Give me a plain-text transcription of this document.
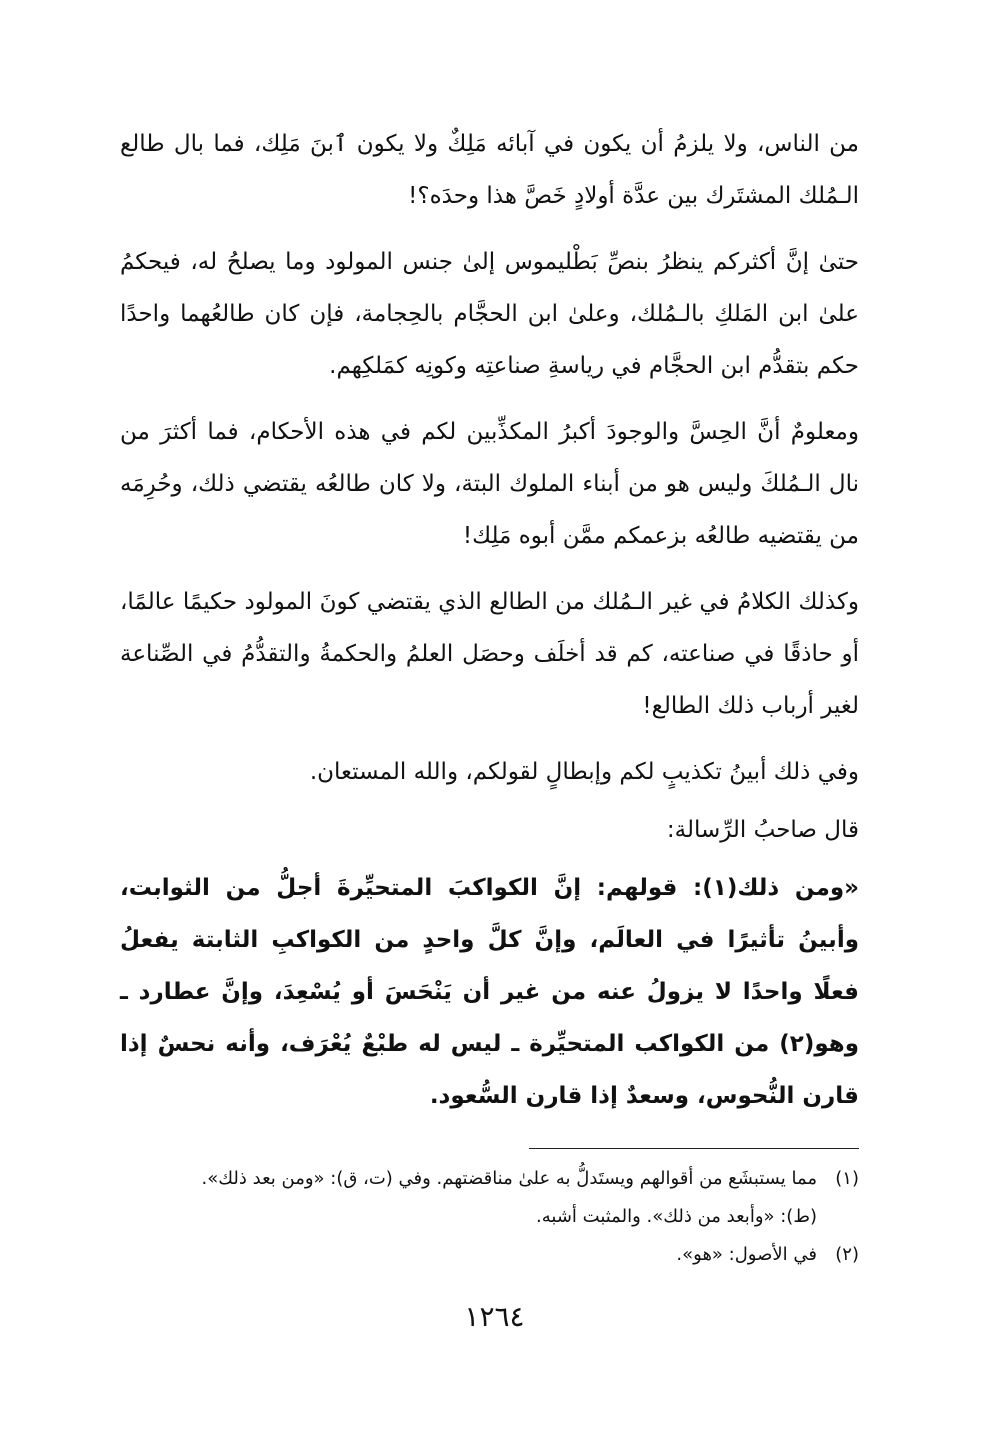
من الناس، ولا يلزمُ أن يكون في آبائه مَلِكٌ ولا يكون ٱبنَ مَلِك، فما بال طالع الـمُلك المشتَرك بين عدَّة أولادٍ خَصَّ هذا وحدَه؟!

حتىٰ إنَّ أكثركم ينظرُ بنصِّ بَطْليموس إلىٰ جنس المولود وما يصلحُ له، فيحكمُ علىٰ ابن المَلكِ بالـمُلك، وعلىٰ ابن الحجَّام بالحِجامة، فإن كان طالعُهما واحدًا حكم بتقدُّم ابن الحجَّام في رياسةِ صناعتِه وكونِه كمَلكِهم.

ومعلومٌ أنَّ الحِسَّ والوجودَ أكبرُ المكذِّبين لكم في هذه الأحكام، فما أكثرَ من نال الـمُلكَ وليس هو من أبناء الملوك البتة، ولا كان طالعُه يقتضي ذلك، وحُرِمَه من يقتضيه طالعُه بزعمكم ممَّن أبوه مَلِك!

وكذلك الكلامُ في غير الـمُلك من الطالع الذي يقتضي كونَ المولود حكيمًا عالمًا، أو حاذقًا في صناعته، كم قد أخلَف وحصَل العلمُ والحكمةُ والتقدُّمُ في الصِّناعة لغير أرباب ذلك الطالع!

وفي ذلك أبينُ تكذيبٍ لكم وإبطالٍ لقولكم، والله المستعان.

قال صاحبُ الرِّسالة:

«ومن ذلك(١): قولهم: إنَّ الكواكبَ المتحيِّرةَ أجلُّ من الثوابت، وأبينُ تأثيرًا في العالَم، وإنَّ كلَّ واحدٍ من الكواكبِ الثابتة يفعلُ فعلًا واحدًا لا يزولُ عنه من غير أن يَنْحَسَ أو يُسْعِدَ، وإنَّ عطارد ـ وهو(٢) من الكواكب المتحيِّرة ـ ليس له طبْعٌ يُعْرَف، وأنه نحسٌ إذا قارن النُّحوس، وسعدٌ إذا قارن السُّعود.

(١)مما يستبشَع من أقوالهم ويستَدلُّ به علىٰ مناقضتهم. وفي (ت، ق): «ومن بعد ذلك».

(ط): «وأبعد من ذلك». والمثبت أشبه.

(٢)في الأصول: «هو».

١٢٦٤
